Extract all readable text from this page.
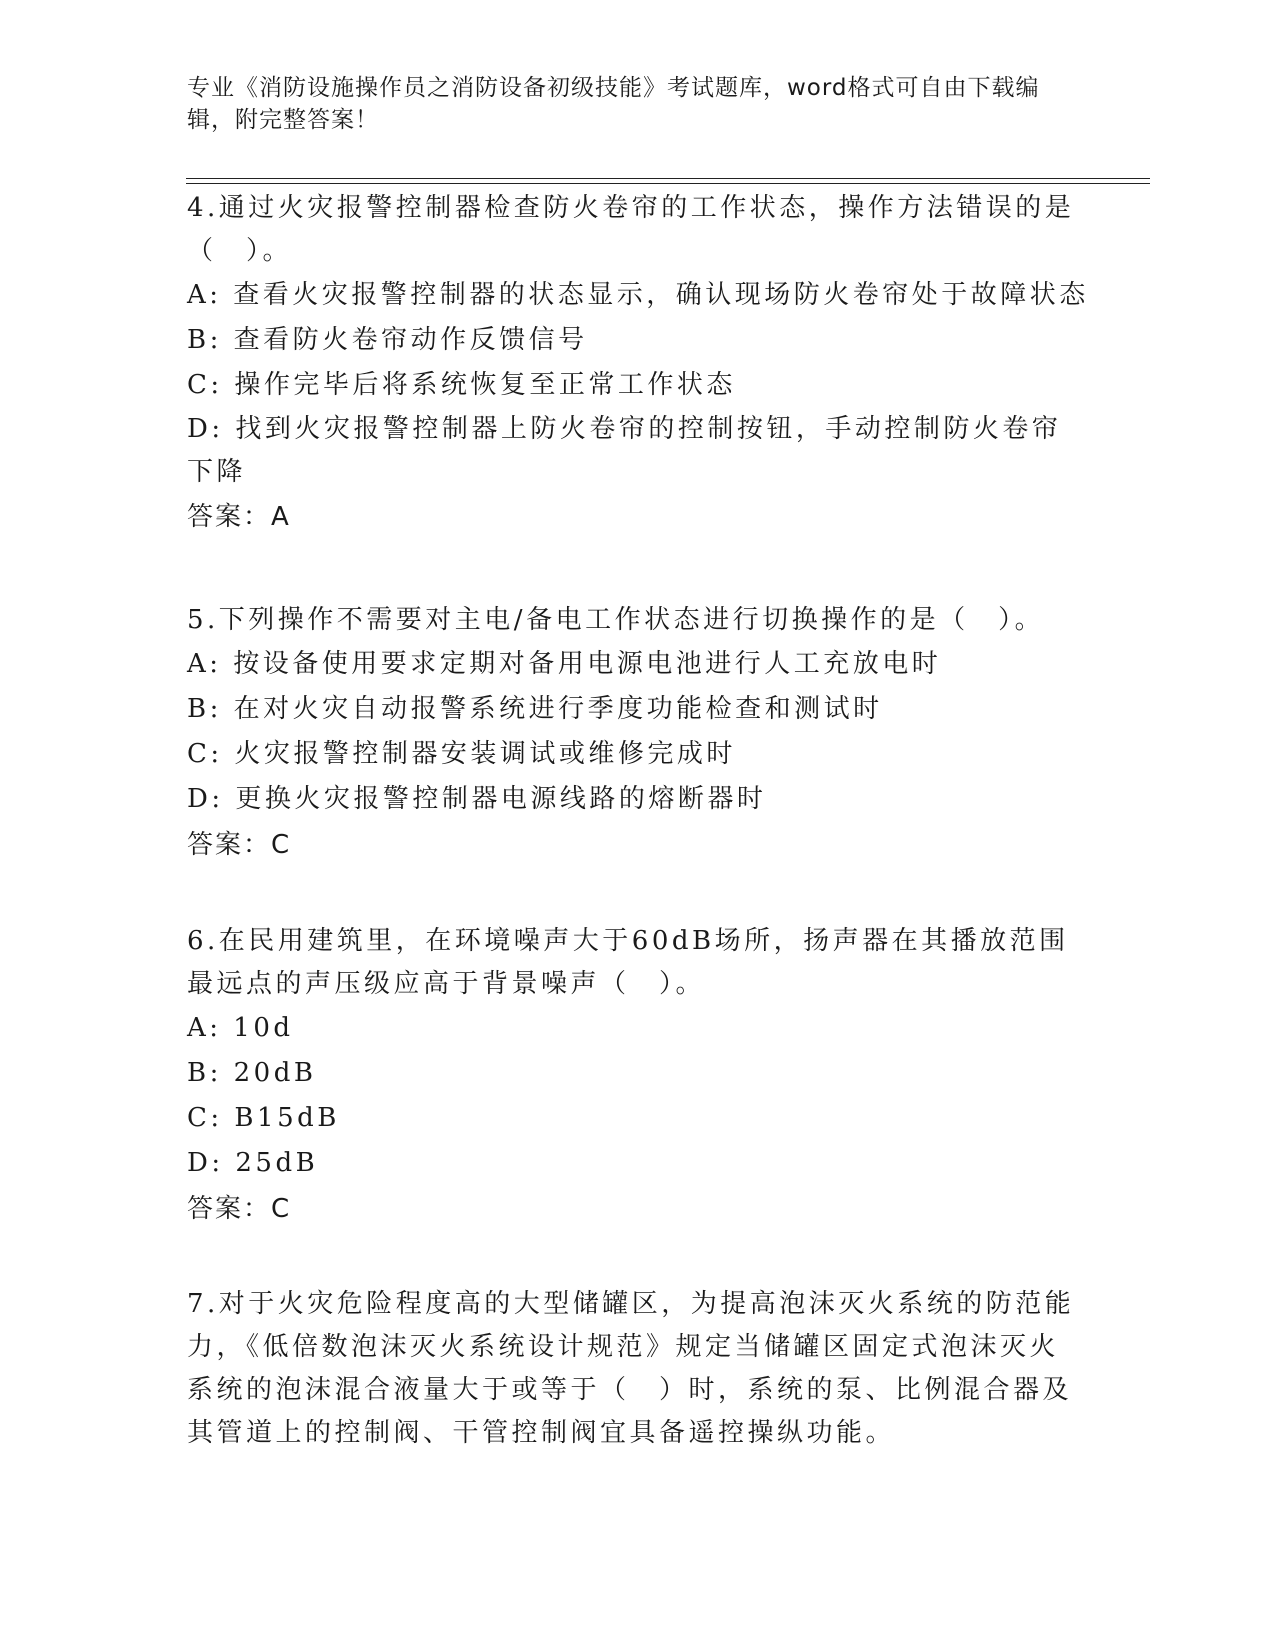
专业《消防设施操作员之消防设备初级技能》考试题库，word格式可自由下载编辑，附完整答案！

4.通过火灾报警控制器检查防火卷帘的工作状态，操作方法错误的是（　）。

A: 查看火灾报警控制器的状态显示，确认现场防火卷帘处于故障状态

B: 查看防火卷帘动作反馈信号

C: 操作完毕后将系统恢复至正常工作状态

D: 找到火灾报警控制器上防火卷帘的控制按钮，手动控制防火卷帘下降

答案：A

5.下列操作不需要对主电/备电工作状态进行切换操作的是（　）。

A: 按设备使用要求定期对备用电源电池进行人工充放电时

B: 在对火灾自动报警系统进行季度功能检查和测试时

C: 火灾报警控制器安装调试或维修完成时

D: 更换火灾报警控制器电源线路的熔断器时

答案：C

6.在民用建筑里，在环境噪声大于60dB场所，扬声器在其播放范围最远点的声压级应高于背景噪声（　）。

A: 10d

B: 20dB

C: B15dB

D: 25dB

答案：C

7.对于火灾危险程度高的大型储罐区，为提高泡沫灭火系统的防范能力，《低倍数泡沫灭火系统设计规范》规定当储罐区固定式泡沫灭火系统的泡沫混合液量大于或等于（　）时，系统的泵、比例混合器及其管道上的控制阀、干管控制阀宜具备遥控操纵功能。
